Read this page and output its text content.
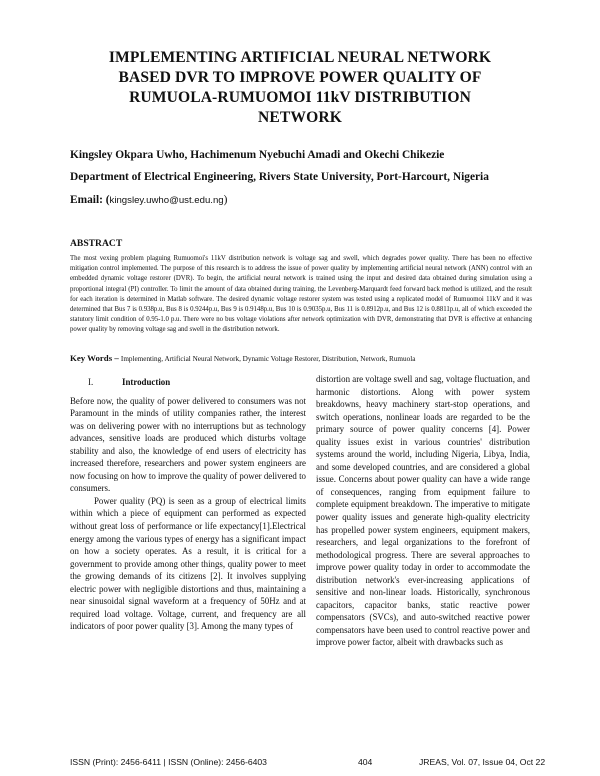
IMPLEMENTING ARTIFICIAL NEURAL NETWORK
BASED DVR TO IMPROVE POWER QUALITY OF
RUMUOLA-RUMUOMOI 11kV DISTRIBUTION
NETWORK
Kingsley Okpara Uwho, Hachimenum Nyebuchi Amadi and Okechi Chikezie
Department of Electrical Engineering, Rivers State University, Port-Harcourt, Nigeria
Email: (kingsley.uwho@ust.edu.ng)
ABSTRACT
The most vexing problem plaguing Rumuomoi's 11kV distribution network is voltage sag and swell, which degrades power quality. There has been no effective mitigation control implemented. The purpose of this research is to address the issue of power quality by implementing artificial neural network (ANN) control with an embedded dynamic voltage restorer (DVR). To begin, the artificial neural network is trained using the input and desired data obtained during simulation using a proportional integral (PI) controller. To limit the amount of data obtained during training, the Levenberg-Marquardt feed forward back method is utilized, and the result for each iteration is determined in Matlab software. The desired dynamic voltage restorer system was tested using a replicated model of Rumuomoi 11kV and it was determined that Bus 7 is 0.938p.u, Bus 8 is 0.9244p.u, Bus 9 is 0.9148p.u, Bus 10 is 0.9035p.u, Bus 11 is 0.8912p.u, and Bus 12 is 0.8811p.u, all of which exceeded the statutory limit condition of 0.95-1.0 p.u. There were no bus voltage violations after network optimization with DVR, demonstrating that DVR is effective at enhancing power quality by removing voltage sag and swell in the distribution network.
Key Words – Implementing, Artificial Neural Network, Dynamic Voltage Restorer, Distribution, Network, Rumuola
I.	Introduction

Before now, the quality of power delivered to consumers was not Paramount in the minds of utility companies rather, the interest was on delivering power with no interruptions but as technology advances, sensitive loads are produced which disturbs voltage stability and also, the knowledge of end users of electricity has increased therefore, researchers and power system engineers are now focusing on how to improve the quality of power delivered to consumers.

Power quality (PQ) is seen as a group of electrical limits within which a piece of equipment can performed as expected without great loss of performance or life expectancy[1].Electrical energy among the various types of energy has a significant impact on how a society operates. As a result, it is critical for a government to provide among other things, quality power to meet the growing demands of its citizens [2]. It involves supplying electric power with negligible distortions and thus, maintaining a near sinusoidal signal waveform at a frequency of 50Hz and at required load voltage. Voltage, current, and frequency are all indicators of poor power quality [3]. Among the many types of

distortion are voltage swell and sag, voltage fluctuation, and harmonic distortions. Along with power system breakdowns, heavy machinery start-stop operations, and switch operations, nonlinear loads are regarded to be the primary source of power quality concerns [4]. Power quality issues exist in various countries' distribution systems around the world, including Nigeria, Libya, India, and some developed countries, and are considered a global issue. Concerns about power quality can have a wide range of consequences, ranging from equipment failure to complete equipment breakdown. The imperative to mitigate power quality issues and generate high-quality electricity has propelled power system engineers, equipment makers, researchers, and legal organizations to the forefront of methodological progress. There are several approaches to improve power quality today in order to accommodate the distribution network's ever-increasing applications of sensitive and non-linear loads. Historically, synchronous capacitors, capacitor banks, static reactive power compensators (SVCs), and auto-switched reactive power compensators have been used to control reactive power and improve power factor, albeit with drawbacks such as

ISSN (Print): 2456-6411 | ISSN (Online): 2456-6403	404	JREAS, Vol. 07, Issue 04, Oct 22
